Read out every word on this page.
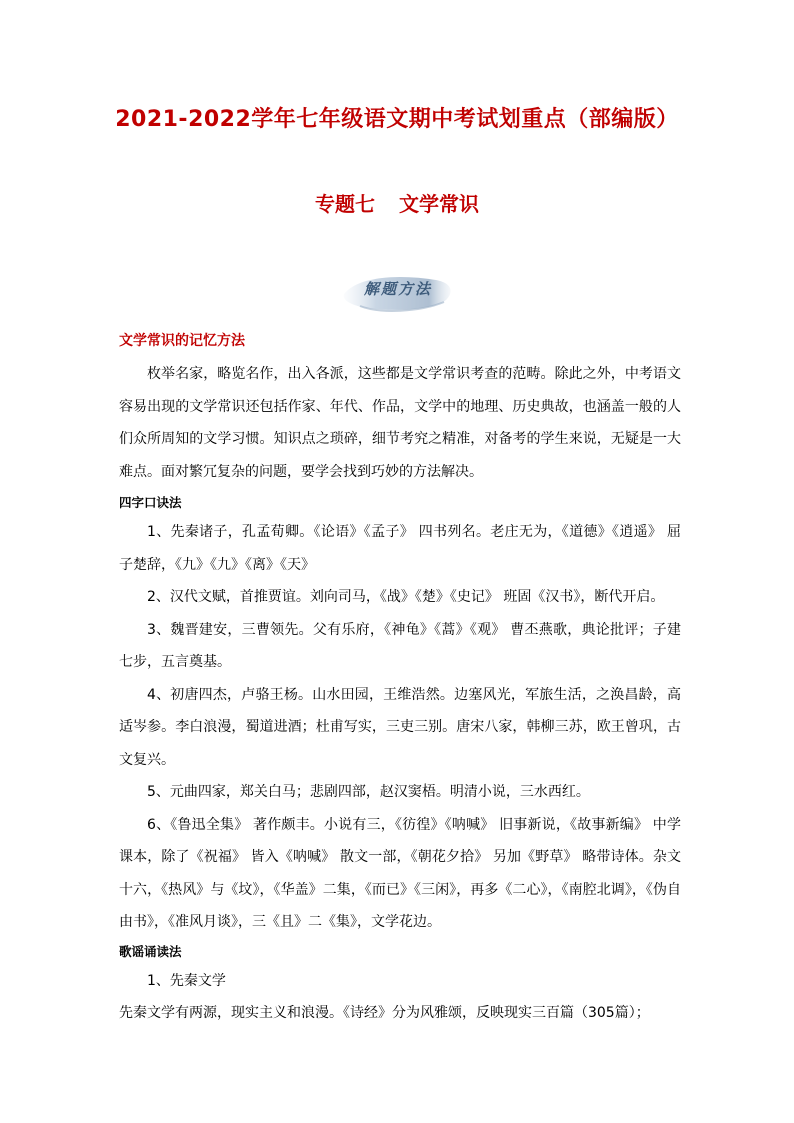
2021-2022学年七年级语文期中考试划重点（部编版）
专题七 文学常识
解题方法
文学常识的记忆方法

枚举名家，略览名作，出入各派，这些都是文学常识考查的范畴。除此之外，中考语文容易出现的文学常识还包括作家、年代、作品，文学中的地理、历史典故，也涵盖一般的人们众所周知的文学习惯。知识点之琐碎，细节考究之精准，对备考的学生来说，无疑是一大难点。面对繁冗复杂的问题，要学会找到巧妙的方法解决。

四字口诀法

1、先秦诸子，孔孟荀卿。《论语》《孟子》 四书列名。老庄无为，《道德》《逍遥》 屈子楚辞，《九》《九》《离》《天》

2、汉代文赋，首推贾谊。刘向司马，《战》《楚》《史记》 班固《汉书》，断代开启。

3、魏晋建安，三曹领先。父有乐府，《神龟》《蒿》《观》 曹丕燕歌，典论批评；子建七步，五言奠基。

4、初唐四杰，卢骆王杨。山水田园，王维浩然。边塞风光，军旅生活，之涣昌龄，高适岑参。李白浪漫，蜀道进酒；杜甫写实，三吏三别。唐宋八家，韩柳三苏，欧王曾巩，古文复兴。

5、元曲四家，郑关白马；悲剧四部，赵汉窦梧。明清小说，三水西红。

6、《鲁迅全集》 著作颇丰。小说有三，《彷徨》《呐喊》 旧事新说，《故事新编》 中学课本，除了《祝福》 皆入《呐喊》 散文一部，《朝花夕拾》 另加《野草》 略带诗体。杂文十六，《热风》与《坟》，《华盖》二集，《而已》《三闲》，再多《二心》，《南腔北调》，《伪自由书》，《准风月谈》，三《且》二《集》，文学花边。

歌谣诵读法

1、先秦文学

先秦文学有两源，现实主义和浪漫。《诗经》分为风雅颂，反映现实三百篇（305篇）；
